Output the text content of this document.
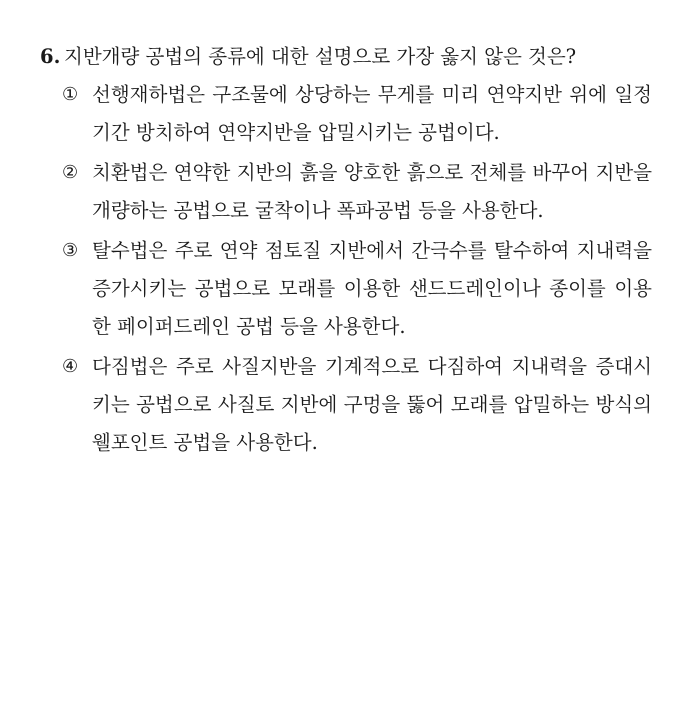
6. 지반개량 공법의 종류에 대한 설명으로 가장 옳지 않은 것은?
① 선행재하법은 구조물에 상당하는 무게를 미리 연약지반 위에 일정 기간 방치하여 연약지반을 압밀시키는 공법이다.
② 치환법은 연약한 지반의 흙을 양호한 흙으로 전체를 바꾸어 지반을 개량하는 공법으로 굴착이나 폭파공법 등을 사용한다.
③ 탈수법은 주로 연약 점토질 지반에서 간극수를 탈수하여 지내력을 증가시키는 공법으로 모래를 이용한 샌드드레인이나 종이를 이용한 페이퍼드레인 공법 등을 사용한다.
④ 다짐법은 주로 사질지반을 기계적으로 다짐하여 지내력을 증대시키는 공법으로 사질토 지반에 구멍을 뚫어 모래를 압밀하는 방식의 웰포인트 공법을 사용한다.
